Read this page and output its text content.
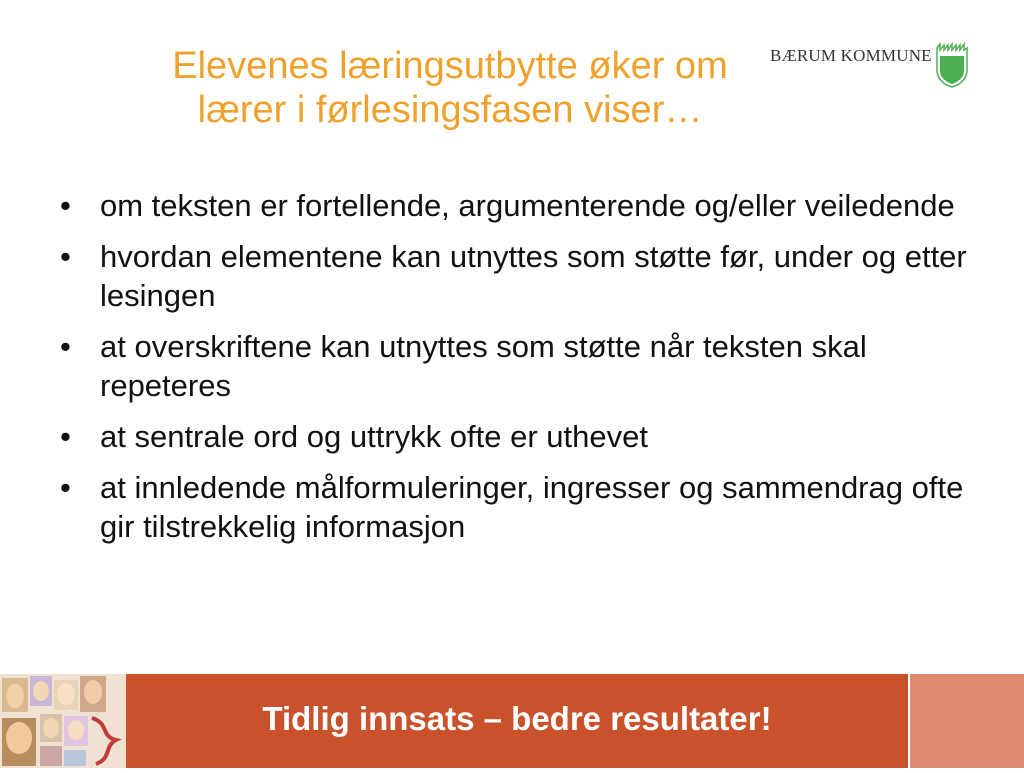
Elevenes læringsutbytte øker om
lærer i førlesingsfasen viser…
BÆRUM KOMMUNE
• om teksten er fortellende, argumenterende og/eller veiledende
• hvordan elementene kan utnyttes som støtte før, under og etter lesingen
• at overskriftene kan utnyttes som støtte når teksten skal repeteres
• at sentrale ord og uttrykk ofte er uthevet
• at innledende målformuleringer, ingresser og sammendrag ofte gir tilstrekkelig informasjon
Tidlig innsats – bedre resultater!
